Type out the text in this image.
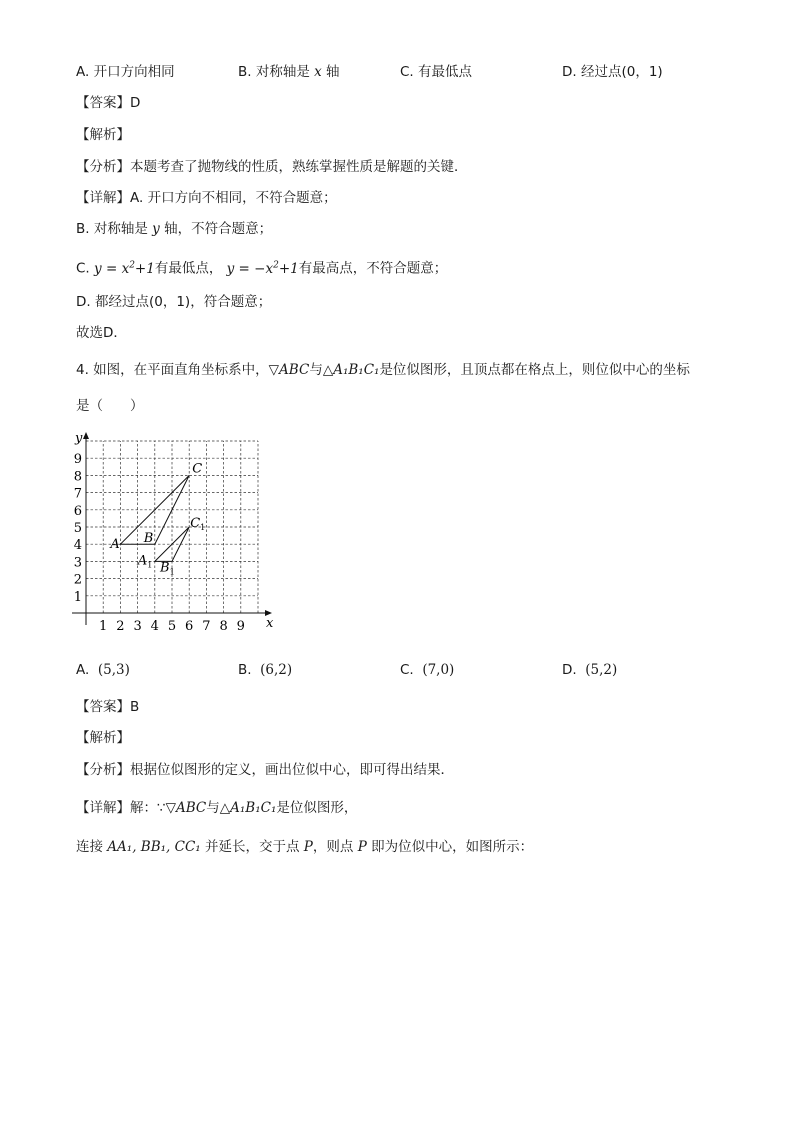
A. 开口方向相同	B. 对称轴是 x 轴	C. 有最低点	D. 经过点(0，1)
【答案】D
【解析】
【分析】本题考查了抛物线的性质，熟练掌握性质是解题的关键．
【详解】A. 开口方向不相同，不符合题意；
B. 对称轴是 y 轴，不符合题意；
C. $y = x^2+1$有最低点， $y = -x^2+1$有最高点，不符合题意；
D. 都经过点(0，1)，符合题意；
故选D．
4. 如图，在平面直角坐标系中，▽ABC与△A₁B₁C₁是位似图形，且顶点都在格点上，则位似中心的坐标
是（　　）
x
y
1 2 3 4 5 6 7 8 9
1
2
3
4
5
6
7
8
9
A B
C
$A_1$ $B_1$
$C_1$
A. (5,3)	B. (6,2)	C. (7,0)	D. (5,2)
【答案】B
【解析】
【分析】根据位似图形的定义，画出位似中心，即可得出结果．
【详解】解：∵▽ABC与△A₁B₁C₁是位似图形，
连接 AA₁, BB₁, CC₁ 并延长，交于点 P，则点 P 即为位似中心，如图所示：
